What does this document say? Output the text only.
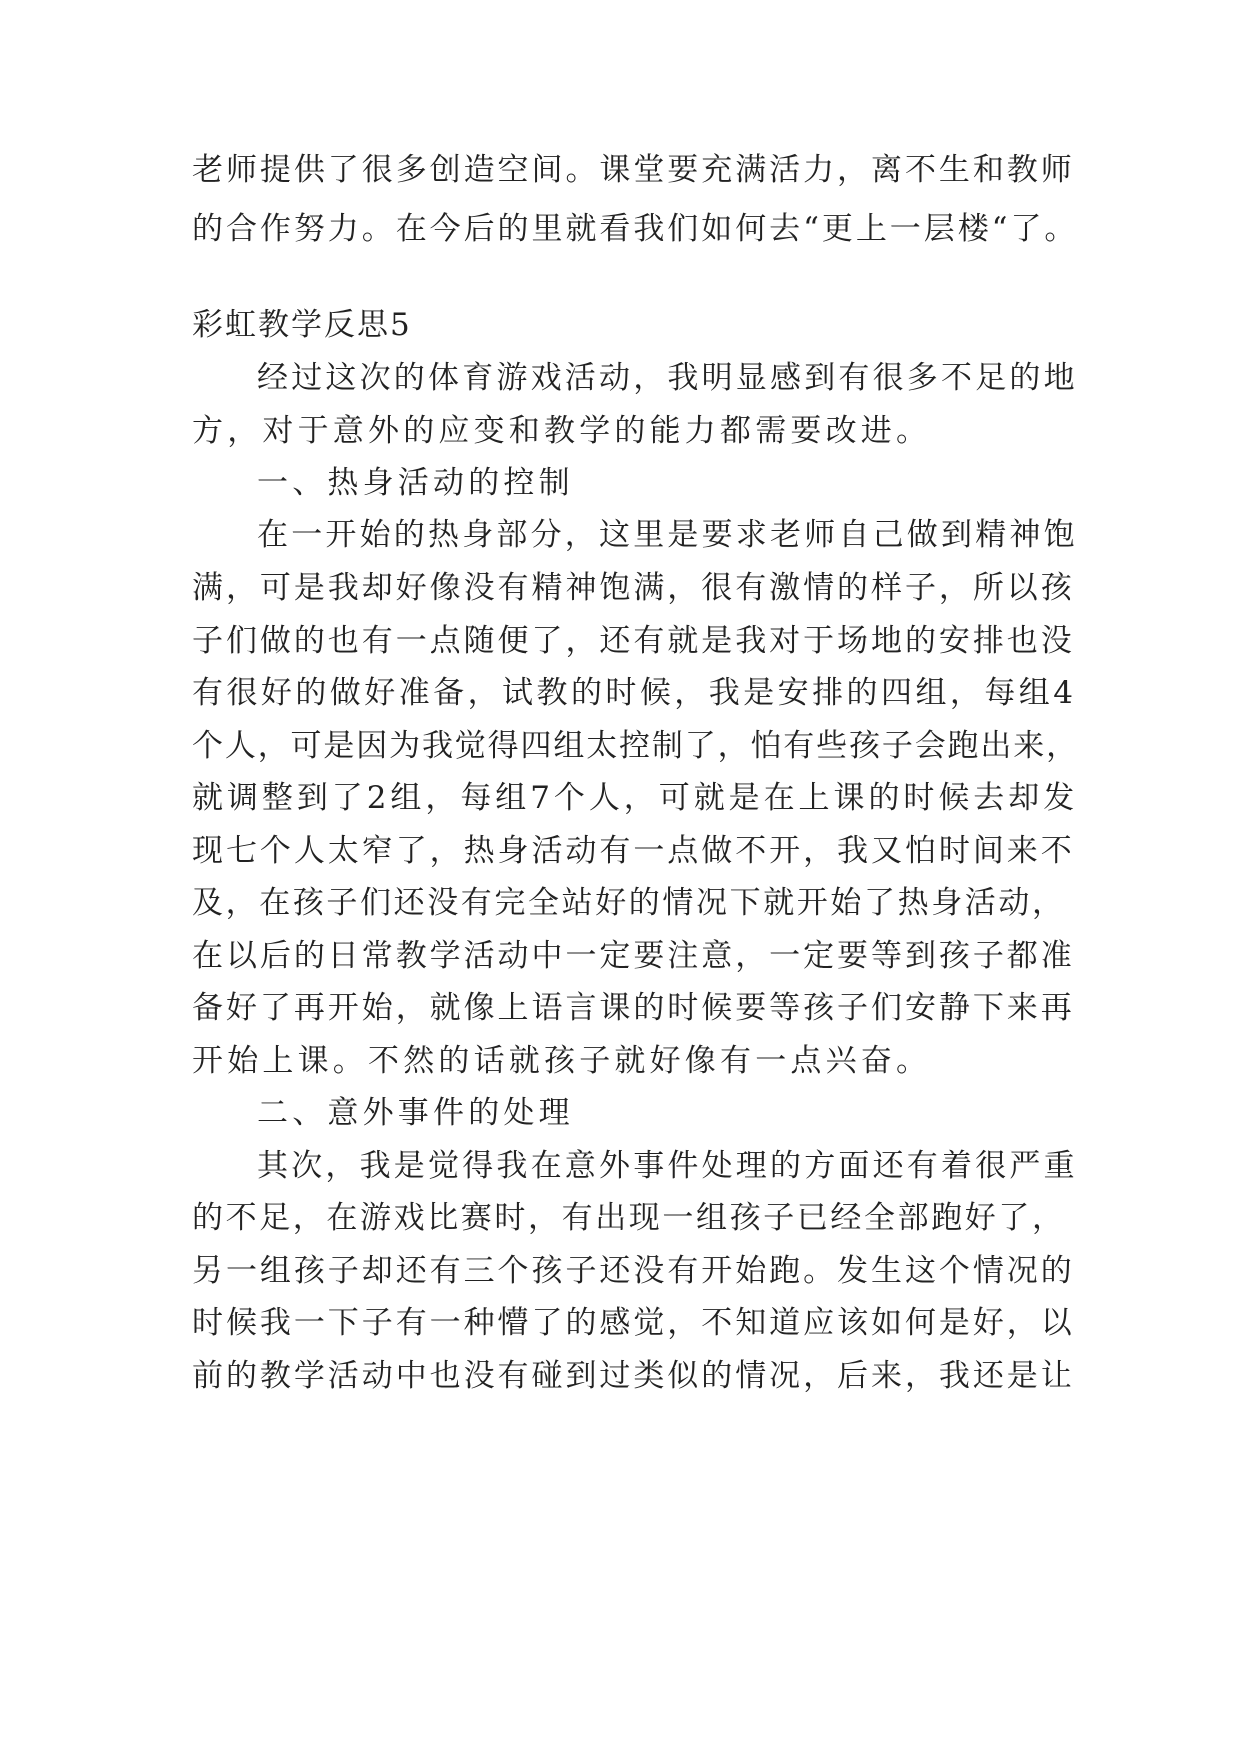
老师提供了很多创造空间。课堂要充满活力，离不生和教师
的合作努力。在今后的里就看我们如何去“更上一层楼“了。
彩虹教学反思5
经过这次的体育游戏活动，我明显感到有很多不足的地
方，对于意外的应变和教学的能力都需要改进。
一、热身活动的控制
在一开始的热身部分，这里是要求老师自己做到精神饱
满，可是我却好像没有精神饱满，很有激情的样子，所以孩
子们做的也有一点随便了，还有就是我对于场地的安排也没
有很好的做好准备，试教的时候，我是安排的四组，每组4
个人，可是因为我觉得四组太控制了，怕有些孩子会跑出来，
就调整到了2组，每组7个人，可就是在上课的时候去却发
现七个人太窄了，热身活动有一点做不开，我又怕时间来不
及，在孩子们还没有完全站好的情况下就开始了热身活动，
在以后的日常教学活动中一定要注意，一定要等到孩子都准
备好了再开始，就像上语言课的时候要等孩子们安静下来再
开始上课。不然的话就孩子就好像有一点兴奋。
二、意外事件的处理
其次，我是觉得我在意外事件处理的方面还有着很严重
的不足，在游戏比赛时，有出现一组孩子已经全部跑好了，
另一组孩子却还有三个孩子还没有开始跑。发生这个情况的
时候我一下子有一种懵了的感觉，不知道应该如何是好，以
前的教学活动中也没有碰到过类似的情况，后来，我还是让
